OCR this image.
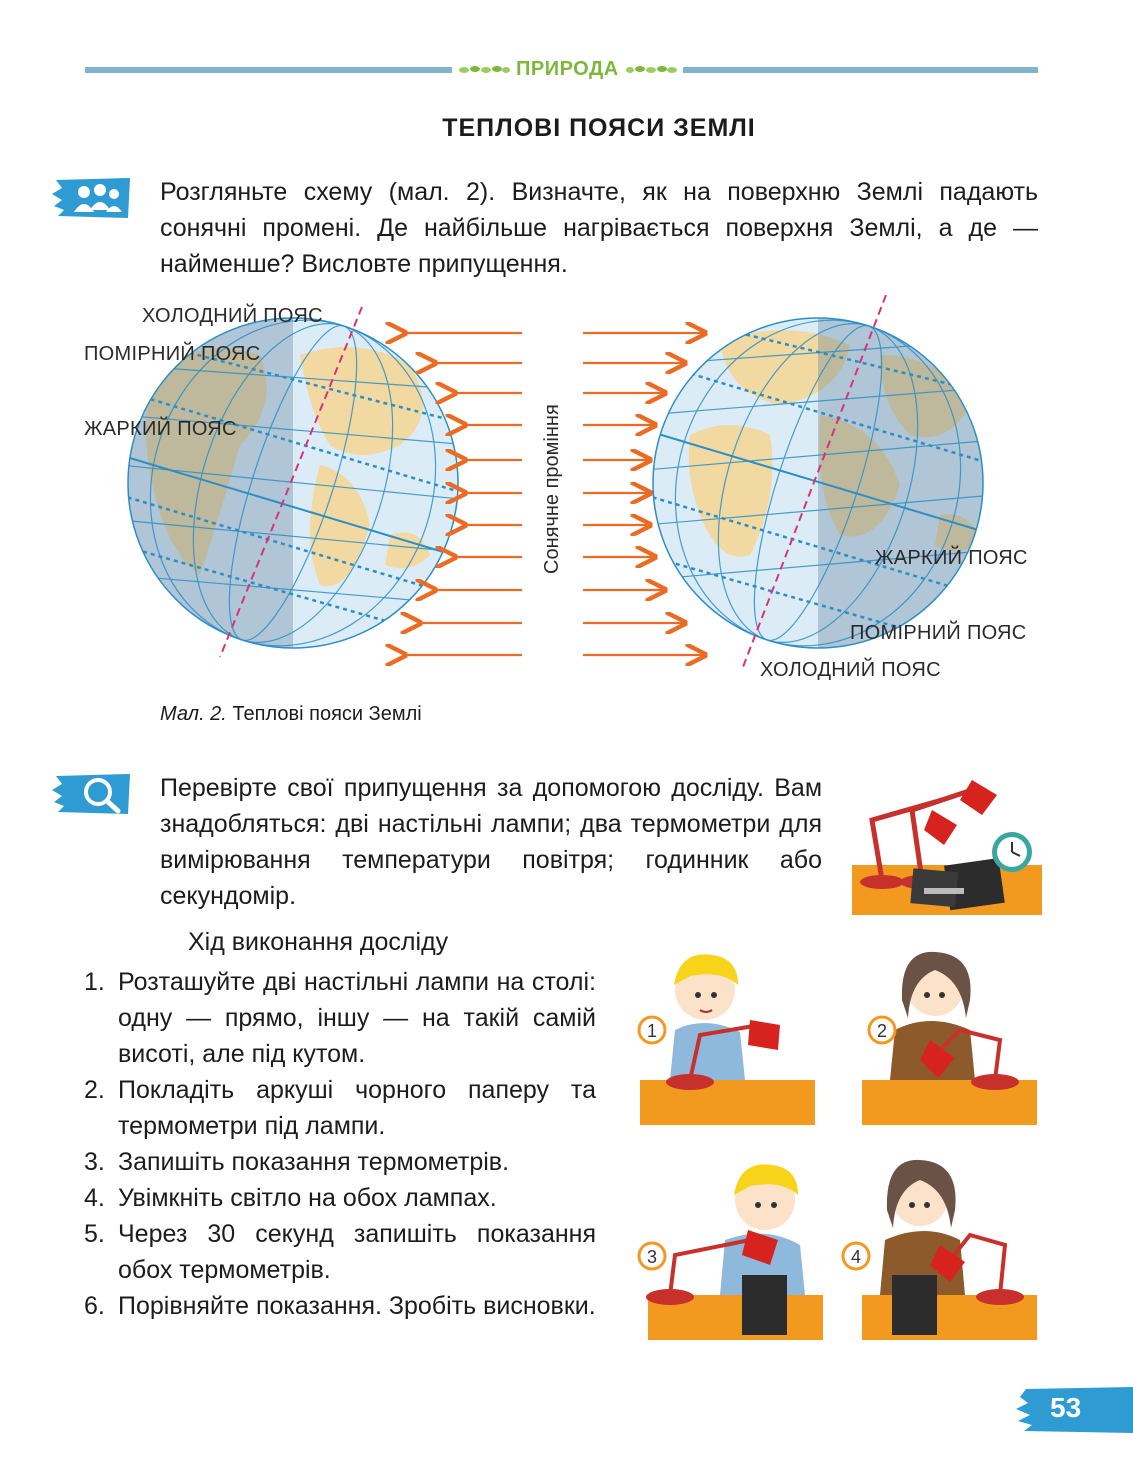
ПРИРОДА
ТЕПЛОВІ ПОЯСИ ЗЕМЛІ
Розгляньте схему (мал. 2). Визначте, як на поверхню Землі падають сонячні промені. Де найбільше нагрівається поверхня Землі, а де — найменше? Висловте припущення.
Сонячне проміння
ХОЛОДНИЙ ПОЯС
ПОМІРНИЙ ПОЯС
ЖАРКИЙ ПОЯС
ЖАРКИЙ ПОЯС
ПОМІРНИЙ ПОЯС
ХОЛОДНИЙ ПОЯС
Мал. 2. Теплові пояси Землі
Перевірте свої припущення за допомогою досліду. Вам знадобляться: дві настільні лампи; два термометри для вимірювання температури повітря; годинник або секундомір.
Хід виконання досліду
1. Розташуйте дві настільні лампи на столі: одну — прямо, іншу — на такій самій висоті, але під кутом.
2. Покладіть аркуші чорного паперу та термометри під лампи.
3. Запишіть показання термометрів.
4. Увімкніть світло на обох лампах.
5. Через 30 секунд запишіть показання обох термометрів.
6. Порівняйте показання. Зробіть висновки.
1	2
3	4
53
